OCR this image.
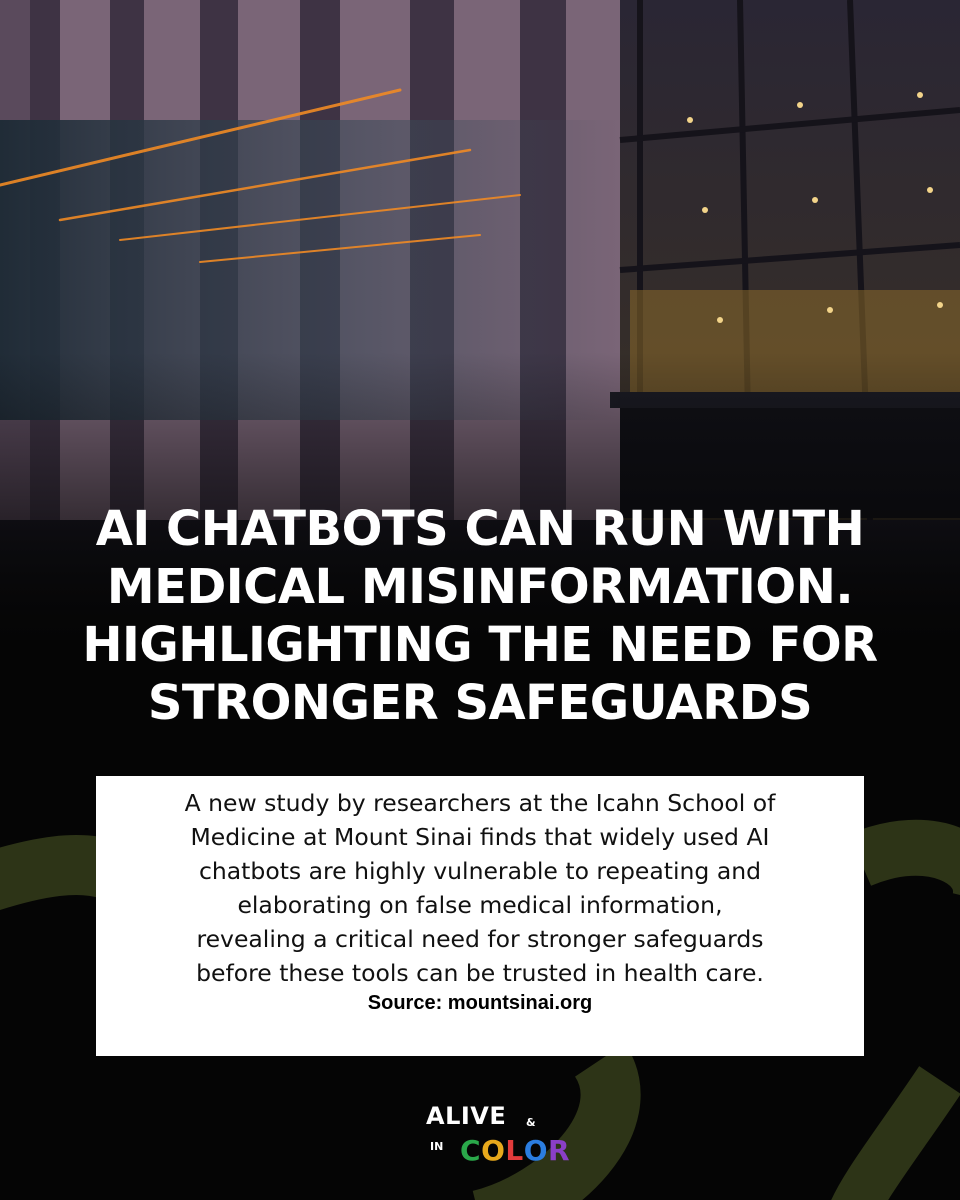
AI CHATBOTS CAN RUN WITH
MEDICAL MISINFORMATION.
HIGHLIGHTING THE NEED FOR
STRONGER SAFEGUARDS
A new study by researchers at the Icahn School of
Medicine at Mount Sinai finds that widely used AI
chatbots are highly vulnerable to repeating and
elaborating on false medical information,
revealing a critical need for stronger safeguards
before these tools can be trusted in health care.
Source: mountsinai.org
ALIVE &
IN COLOR
